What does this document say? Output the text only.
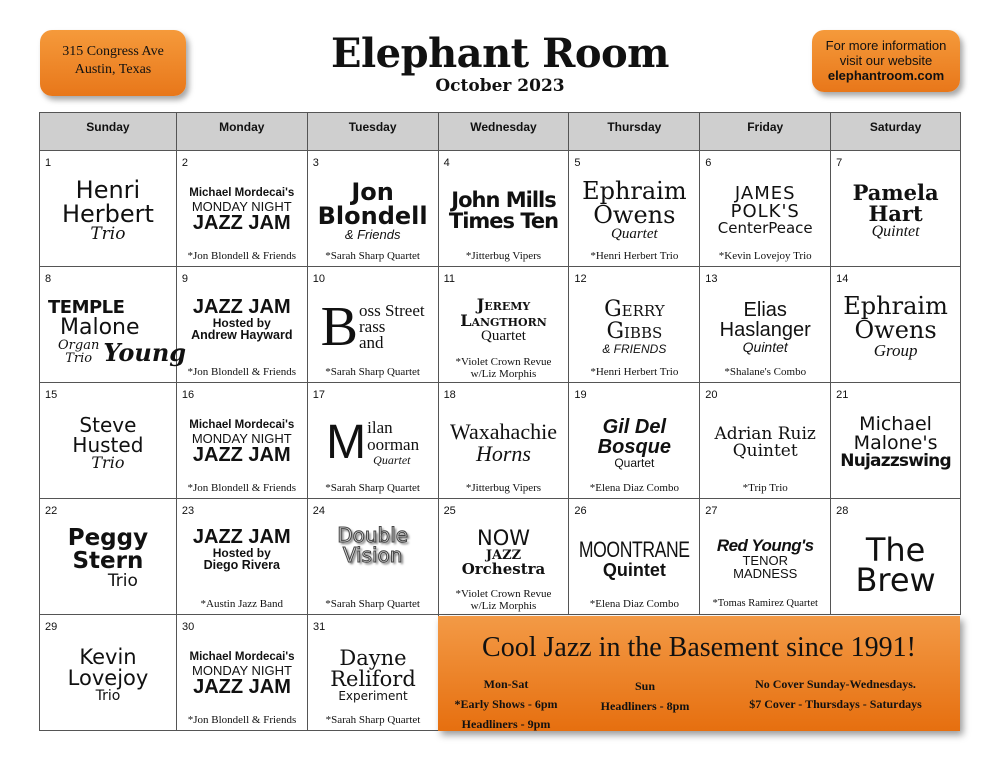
315 Congress Ave
Austin, Texas	Elephant Room
October 2023
For more information
visit our website
elephantroom.com
Sunday	Monday	Tuesday	Wednesday	Thursday	Friday	Saturday
1
Henri
Herbert
Trio
2
Michael Mordecai's
MONDAY NIGHT
JAZZ JAM
*Jon Blondell & Friends
3
Jon
Blondell
& Friends
*Sarah Sharp Quartet
4
John Mills
Times Ten
*Jitterbug Vipers
5
Ephraim
Owens
Quartet
*Henri Herbert Trio
6
JAMES
POLK'S
CenterPeace
*Kevin Lovejoy Trio
7
Pamela
Hart
Quintet
8
TEMPLE
Malone
Organ
Trio Young
9
JAZZ JAM
Hosted by
Andrew Hayward
*Jon Blondell & Friends
10
B oss Street
rass
and
*Sarah Sharp Quartet
11
Jeremy
Langthorn
Quartet
*Violet Crown Revue
w/Liz Morphis
12
Gerry
Gibbs
& FRIENDS
*Henri Herbert Trio
13
Elias
Haslanger
Quintet
*Shalane's Combo
14
Ephraim
Owens
Group
15
Steve
Husted
Trio
16
Michael Mordecai's
MONDAY NIGHT
JAZZ JAM
*Jon Blondell & Friends
17
M ilan
oorman
Quartet
*Sarah Sharp Quartet
18
Waxahachie
Horns
*Jitterbug Vipers
19
Gil Del
Bosque
Quartet
*Elena Diaz Combo
20
Adrian Ruiz
Quintet
*Trip Trio
21
Michael
Malone's
Nujazzswing
22
Peggy
Stern
Trio
23
JAZZ JAM
Hosted by
Diego Rivera
*Austin Jazz Band
24
Double
Vision
*Sarah Sharp Quartet
25
NOW
JAZZ
Orchestra
*Violet Crown Revue
w/Liz Morphis
26
MOONTRANE
Quintet
*Elena Diaz Combo
27
Red Young's
TENOR
MADNESS
*Tomas Ramirez Quartet
28
The
Brew
29
Kevin
Lovejoy
Trio
30
Michael Mordecai's
MONDAY NIGHT
JAZZ JAM
*Jon Blondell & Friends
31
Dayne
Reliford
Experiment
*Sarah Sharp Quartet
Cool Jazz in the Basement since 1991!
Mon-Sat
*Early Shows - 6pm
Headliners - 9pm
Sun
Headliners - 8pm
No Cover Sunday-Wednesdays.
$7 Cover - Thursdays - Saturdays
